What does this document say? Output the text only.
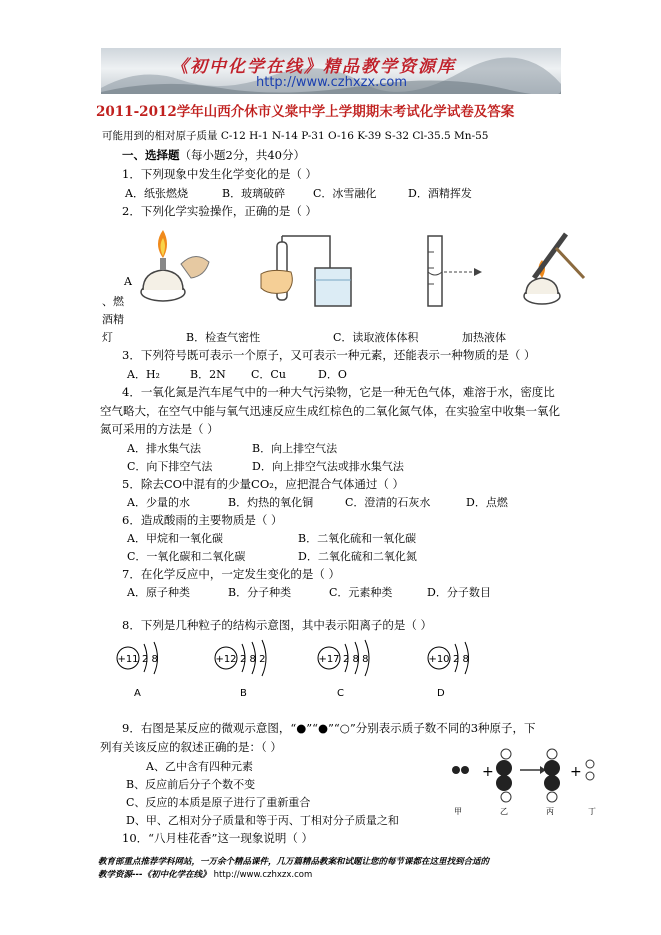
《初中化学在线》精品教学资源库
http://www.czhxzx.com
2011-2012学年山西介休市义棠中学上学期期末考试化学试卷及答案
可能用到的相对原子质量 C-12 H-1 N-14 P-31 O-16 K-39 S-32 Cl-35.5 Mn-55
一、选择题（每小题2分，共40分）
1．下列现象中发生化学变化的是（ ）
A．纸张燃烧	B．玻璃破碎	C．冰雪融化	D．酒精挥发
2．下列化学实验操作，正确的是（ ）
A
、燃
酒精
灯	B．检查气密性	C．读取液体体积	加热液体
3．下列符号既可表示一个原子，又可表示一种元素，还能表示一种物质的是（ ）
A．H₂	B．2N C．Cu	D．O
4．一氧化氮是汽车尾气中的一种大气污染物，它是一种无色气体，难溶于水，密度比
空气略大，在空气中能与氧气迅速反应生成红棕色的二氧化氮气体，在实验室中收集一氧化
氮可采用的方法是（ ）
A．排水集气法	B．向上排空气法
C．向下排空气法	D．向上排空气法或排水集气法
5．除去CO中混有的少量CO₂，应把混合气体通过（ ）
A．少量的水	B．灼热的氧化铜	C．澄清的石灰水	D．点燃
6．造成酸雨的主要物质是（ ）
A．甲烷和一氧化碳	B．二氧化硫和一氧化碳
C．一氧化碳和二氧化碳	D．二氧化硫和二氧化氮
7．在化学反应中，一定发生变化的是（ ）
A．原子种类	B．分子种类	C．元素种类	D．分子数目
8．下列是几种粒子的结构示意图，其中表示阳离子的是（ ）
+11 2 8
A
+12 2 8 2
B
+17 2 8 8
C
+10 2 8
D
9．右图是某反应的微观示意图，“●”“●”“○”分别表示质子数不同的3种原子，下
列有关该反应的叙述正确的是：（ ）
A、乙中含有四种元素
B、反应前后分子个数不变
C、反应的本质是原子进行了重新重合
D、甲、乙相对分子质量和等于丙、丁相对分子质量之和
+	+
甲	乙	丙	丁
10．“八月桂花香”这一现象说明（ ）
教育部重点推荐学科网站，一万余个精品课件，几万篇精品教案和试题让您的每节课都在这里找到合适的
教学资源---《初中化学在线》 http://www.czhxzx.com
